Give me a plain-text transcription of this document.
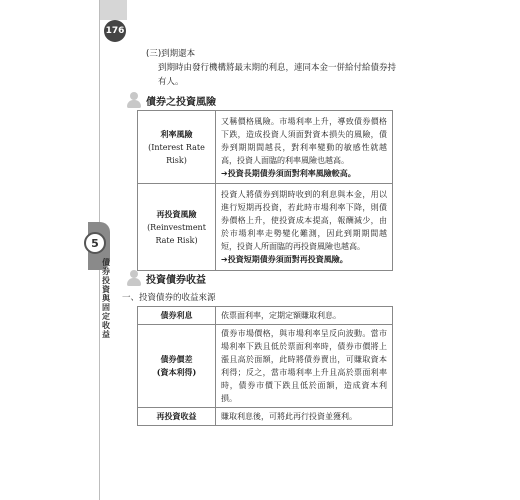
176
5
債券投資與固定收益
(三)到期還本
到期時由發行機構將最末期的利息，連同本金一併給付給債券持有人。
債券之投資風險
利率風險
(Interest Rate Risk)	又稱價格風險。市場利率上升，導致債券價格下跌，造成投資人須面對資本損失的風險，債券到期期間越長，對利率變動的敏感性就越高，投資人面臨的利率風險也越高。
➔投資長期債券須面對利率風險較高。
再投資風險
(Reinvestment Rate Risk)	投資人將債券到期時收到的利息與本金，用以進行短期再投資，若此時市場利率下降，則債券價格上升，使投資成本提高，報酬減少，由於市場利率走勢變化難測，因此到期期間越短，投資人所面臨的再投資風險也越高。
➔投資短期債券須面對再投資風險。
投資債券收益
一、投資債券的收益來源
債券利息	依票面利率，定期定額賺取利息。
債券價差
(資本利得)	債券市場價格，與市場利率呈反向波動。當市場利率下跌且低於票面利率時，債券市價將上漲且高於面額，此時將債券賣出，可賺取資本利得；反之，當市場利率上升且高於票面利率時，債券市價下跌且低於面額，造成資本利損。
再投資收益	賺取利息後，可將此再行投資並獲利。
